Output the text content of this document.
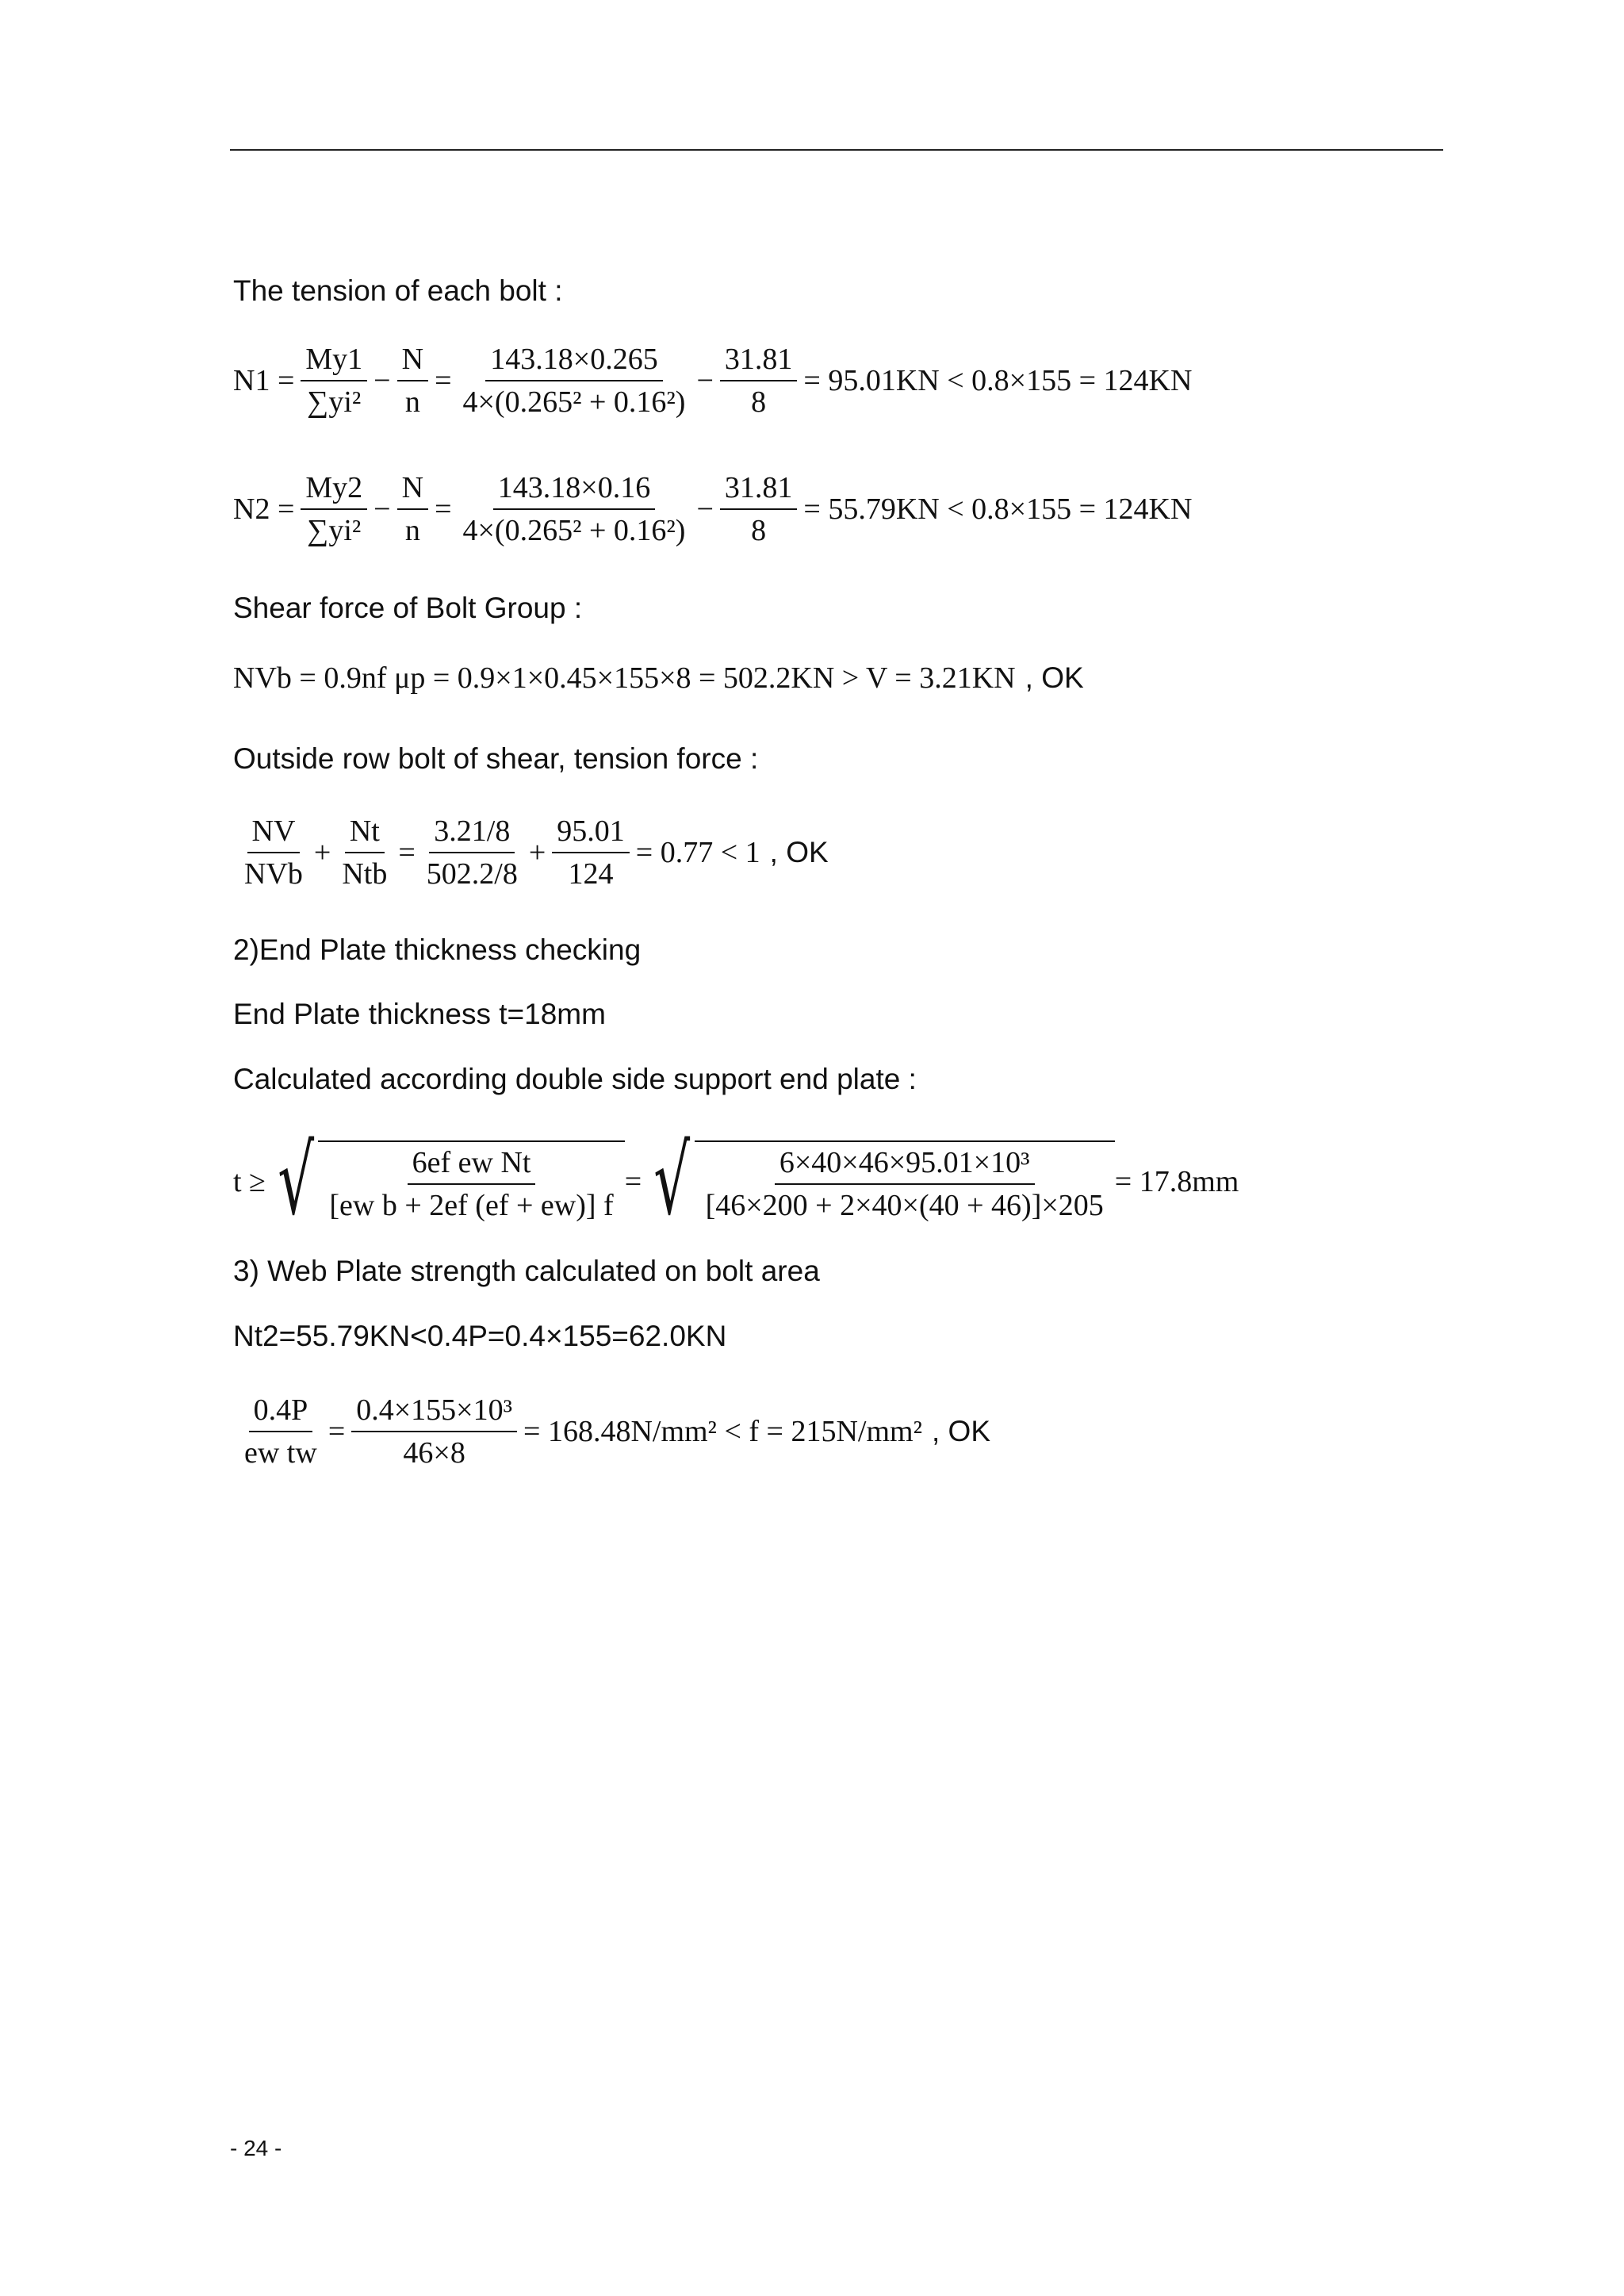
The tension of each bolt :
$N1 = \frac{My1}{\text{∑yi²}} - \frac{N}{n} = \frac{143.18\times 0.265}{\text{4×(0.265² + 0.16²)}} - \frac{31.81}{8} = 95.01KN < 0.8\times 155 = 124KN$
$N2 = \frac{My2}{\text{∑yi²}} - \frac{N}{n} = \frac{143.18\times 0.16}{\text{4×(0.265² + 0.16²)}} - \frac{31.81}{8} = 55.79KN < 0.8\times 155 = 124KN$
Shear force of Bolt Group :
NVb = 0.9nf μp = 0.9×1×0.45×155×8 = 502.2KN > V = 3.21KN , OK
Outside row bolt of shear, tension force :
$\frac{NV}{\text{NVb}} + \frac{Nt}{\text{Ntb}} = \frac{3.21/8}{502.2/8} + \frac{95.01}{124} = 0.77 < 1$ , OK
2)End Plate thickness checking
End Plate thickness t=18mm
Calculated according double side support end plate :
t ≥ √ $\frac{\text{6ef ew Nt}}{\text{[ew b + 2ef (ef + ew)] f}}$ = √ $\frac{\text{6×40×46×95.01×10³}}{[46\times 200 + 2\times 40\times(40 + 46)]\times 205} = 17.8mm$
3) Web Plate strength calculated on bolt area
Nt2=55.79KN<0.4P=0.4×155=62.0KN
$\frac{0.4P}{\text{ew tw}} = \frac{\text{0.4×155×10³}}{46\times 8} = 168.48N/mm^2 < f = 215N/mm^2$ , OK
- 24 -
